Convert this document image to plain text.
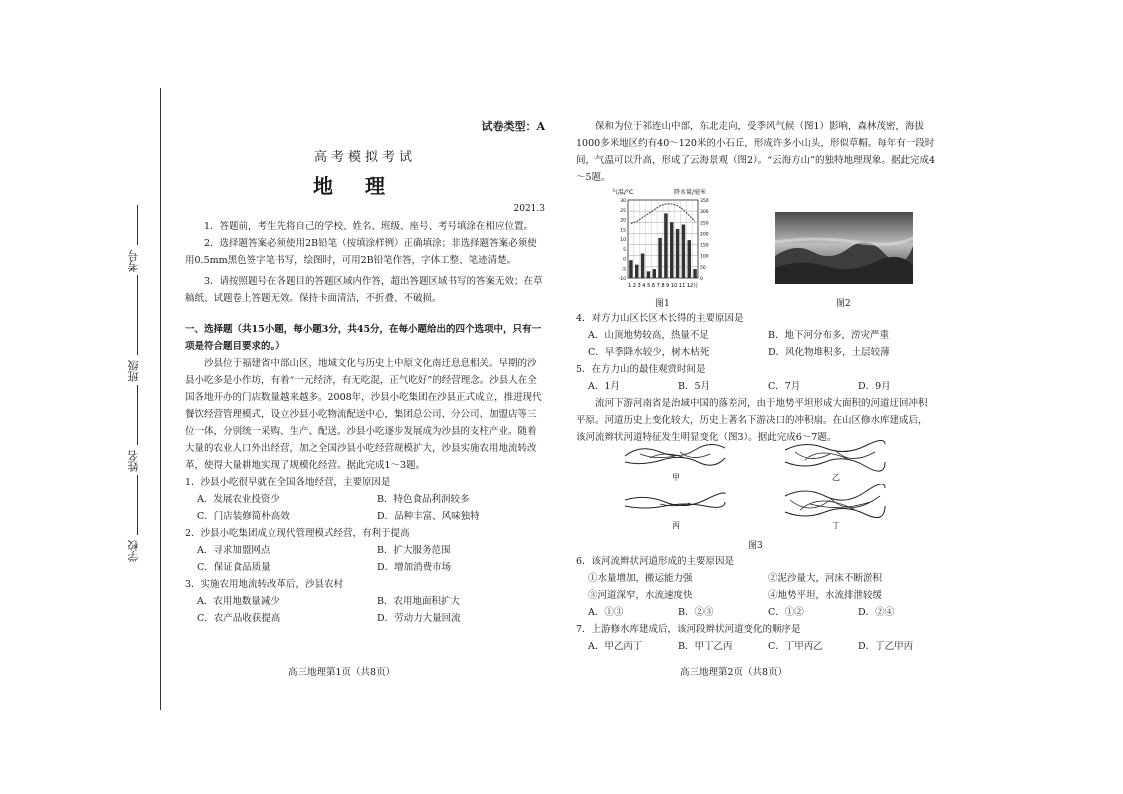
考号
班级
姓名
学校
试卷类型：A
高考模拟考试
地理
2021.3

1．答题前，考生先将自己的学校、姓名、班级、座号、考号填涂在相应位置。

2．选择题答案必须使用2B铅笔（按填涂样例）正确填涂；非选择题答案必须使用0.5mm黑色签字笔书写，绘图时，可用2B铅笔作答，字体工整、笔迹清楚。

3．请按照题号在各题目的答题区域内作答，超出答题区域书写的答案无效；在草稿纸、试题卷上答题无效。保持卡面清洁，不折叠、不破损。

一、选择题（共15小题，每小题3分，共45分，在每小题给出的四个选项中，只有一项是符合题目要求的。）

沙县位于福建省中部山区，地域文化与历史上中原文化南迁息息相关。早期的沙县小吃多是小作坊，有着“一元经济，有无吃混，正气吃好”的经营理念。沙县人在全国各地开办的门店数量越来越多。2008年，沙县小吃集团在沙县正式成立，推进现代餐饮经营管理模式，设立沙县小吃物流配送中心，集团总公司、分公司、加盟店等三位一体，分别统一采购、生产、配送。沙县小吃逐步发展成为沙县的支柱产业。随着大量的农业人口外出经营，加之全国沙县小吃经营规模扩大，沙县实施农用地流转改革，使得大量耕地实现了规模化经营。据此完成1～3题。

1．沙县小吃很早就在全国各地经营，主要原因是

A．发展农业投资少	B．特色食品利润较多
C．门店装修简朴高效	D．品种丰富、风味独特

2．沙县小吃集团成立现代管理模式经营，有利于提高

A．寻求加盟网点	B．扩大服务范围
C．保证食品质量	D．增加消费市场

3．实施农用地流转改革后，沙县农村

A．农用地数量减少	B．农用地面积扩大
C．农产品收获提高	D．劳动力大量回流
高三地理第1页（共8页）

保和为位于祁连山中部，东北走向，受季风气候（图1）影响，森林茂密，海拔1000多米地区约有40～120米的小石丘，形成许多小山头，形似草帽。每年有一段时间，气温可以升高，形成了云海景观（图2）。“云海方山”的独特地理现象。据此完成4～5题。

气温/°C	降水量/毫米
30
25
20
15
10
5
0
-5
-10
350
300
250
200
150
100
50
0
1 2 3 4 5 6 7 8 9 10 11 12月
图1	图2

4．对方力山区长区木长得的主要原因是

A．山顶地势较高，热量不足	B．地下河分布多，涝灾严重
C．早季降水较少，树木枯死	D．风化物堆积多，土层较薄

5．在方力山的最佳观赏时间是

A．1月	B．5月	C．7月	D．9月

流河下游河南省是治域中国的落差河，由于地势平坦形成大面积的河道迂回冲积平原。河道历史上变化较大，历史上著名下游决口的冲积扇。在山区修水库建成后，该河流辫状河道特征发生明显变化（图3）。据此完成6～7题。

甲	乙
丙	丁
图3

6．该河流辫状河道形成的主要原因是

①水量增加，搬运能力强	②泥沙量大，河床不断淤积
③河道深窄，水流速度快	④地势平坦，水流排泄较缓
A．①③	B．②③	C．①②	D．②④

7．上游修水库建成后，该河段辫状河道变化的顺序是

A．甲乙丙丁	B．甲丁乙丙	C．丁甲丙乙	D．丁乙甲丙
高三地理第2页（共8页）
